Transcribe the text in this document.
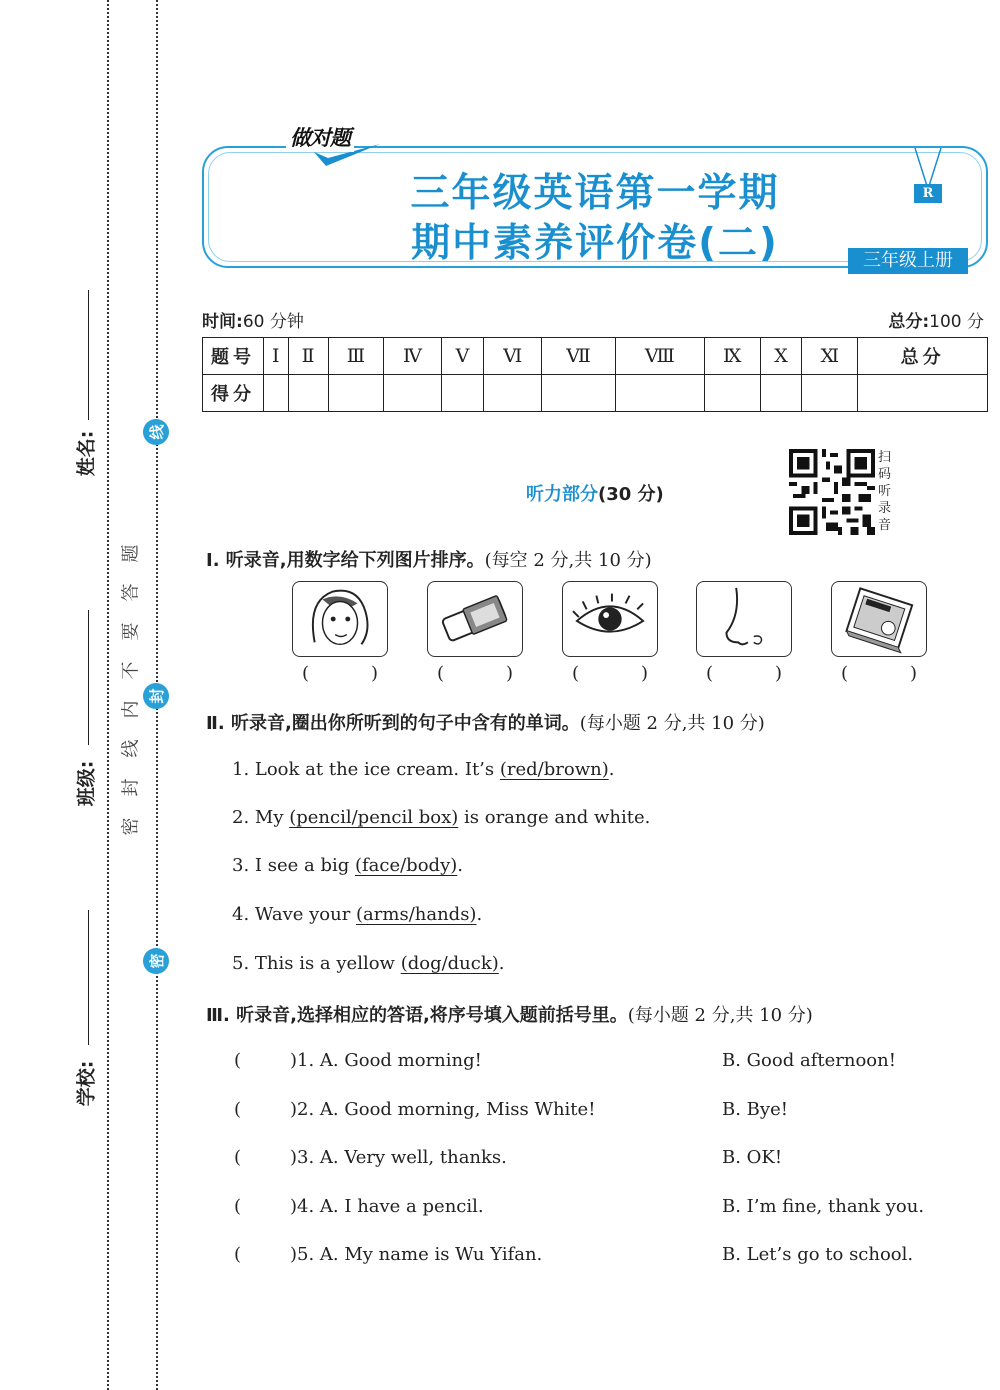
姓名:
班级:
学校:
线
封
密
密
封
线
内
不
要
答
题
做对题
R
三年级英语第一学期
期中素养评价卷(二)	三年级上册
时间:60 分钟	总分:100 分
题号	Ⅰ	Ⅱ	Ⅲ	Ⅳ	Ⅴ	Ⅵ	Ⅶ	Ⅷ	Ⅸ	Ⅹ	Ⅺ	总分
得分												
听力部分(30 分)
扫
码
听
录
音
Ⅰ. 听录音,用数字给下列图片排序。(每空 2 分,共 10 分)
(	)	(	)	(	)	(	)	(	)
Ⅱ. 听录音,圈出你所听到的句子中含有的单词。(每小题 2 分,共 10 分)
1. Look at the ice cream. It’s (red/brown).
2. My (pencil/pencil box) is orange and white.
3. I see a big (face/body).
4. Wave your (arms/hands).
5. This is a yellow (dog/duck).
Ⅲ. 听录音,选择相应的答语,将序号填入题前括号里。(每小题 2 分,共 10 分)
(	)1. A. Good morning!	B. Good afternoon!
(	)2. A. Good morning, Miss White!	B. Bye!
(	)3. A. Very well, thanks.	B. OK!
(	)4. A. I have a pencil.	B. I’m fine, thank you.
(	)5. A. My name is Wu Yifan.	B. Let’s go to school.
